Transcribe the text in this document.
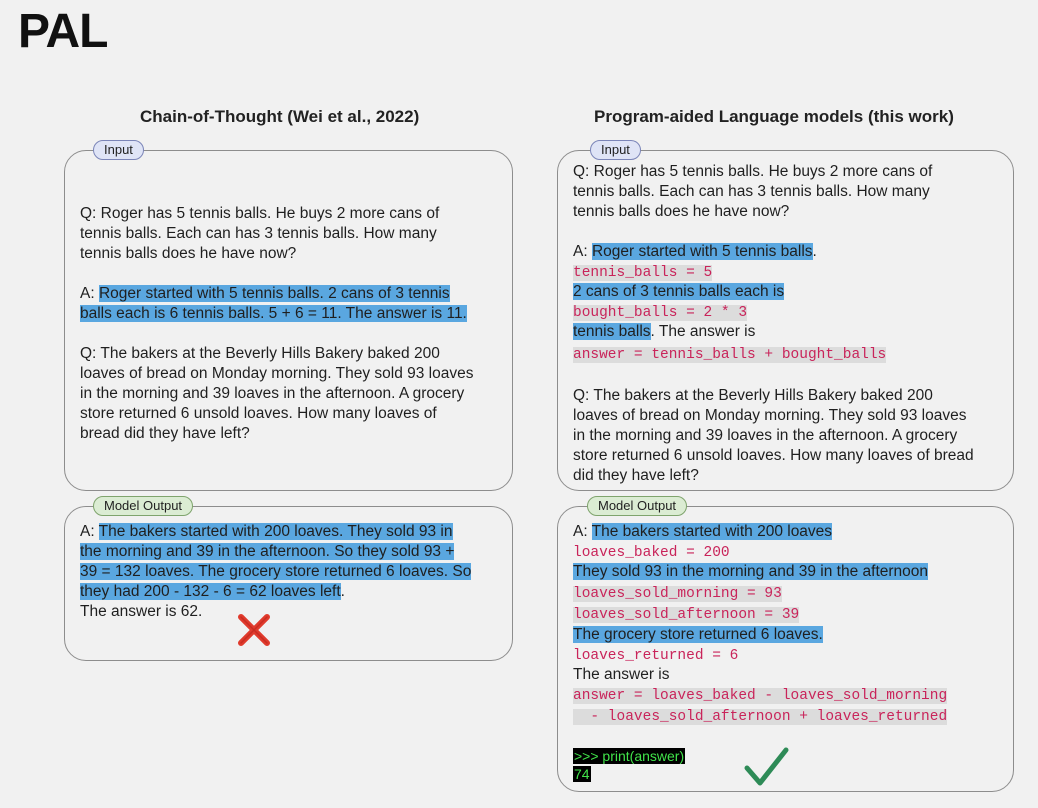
PAL
Chain-of-Thought (Wei et al., 2022)
Input
Q: Roger has 5 tennis balls. He buys 2 more cans of
tennis balls. Each can has 3 tennis balls. How many
tennis balls does he have now?
A: Roger started with 5 tennis balls. 2 cans of 3 tennis
balls each is 6 tennis balls. 5 + 6 = 11. The answer is 11.
Q: The bakers at the Beverly Hills Bakery baked 200
loaves of bread on Monday morning. They sold 93 loaves
in the morning and 39 loaves in the afternoon. A grocery
store returned 6 unsold loaves. How many loaves of
bread did they have left?
Model Output
A: The bakers started with 200 loaves. They sold 93 in
the morning and 39 in the afternoon. So they sold 93 +
39 = 132 loaves. The grocery store returned 6 loaves. So
they had 200 - 132 - 6 = 62 loaves left.
The answer is 62.
Program-aided Language models (this work)
Input
Q: Roger has 5 tennis balls. He buys 2 more cans of
tennis balls. Each can has 3 tennis balls. How many
tennis balls does he have now?
A: Roger started with 5 tennis balls.
tennis_balls = 5
2 cans of 3 tennis balls each is
bought_balls = 2 * 3
tennis balls. The answer is
answer = tennis_balls + bought_balls
Q: The bakers at the Beverly Hills Bakery baked 200
loaves of bread on Monday morning. They sold 93 loaves
in the morning and 39 loaves in the afternoon. A grocery
store returned 6 unsold loaves. How many loaves of bread
did they have left?
Model Output
A: The bakers started with 200 loaves
loaves_baked = 200
They sold 93 in the morning and 39 in the afternoon
loaves_sold_morning = 93
loaves_sold_afternoon = 39
The grocery store returned 6 loaves.
loaves_returned = 6
The answer is
answer = loaves_baked - loaves_sold_morning
- loaves_sold_afternoon + loaves_returned
>>> print(answer)
74
